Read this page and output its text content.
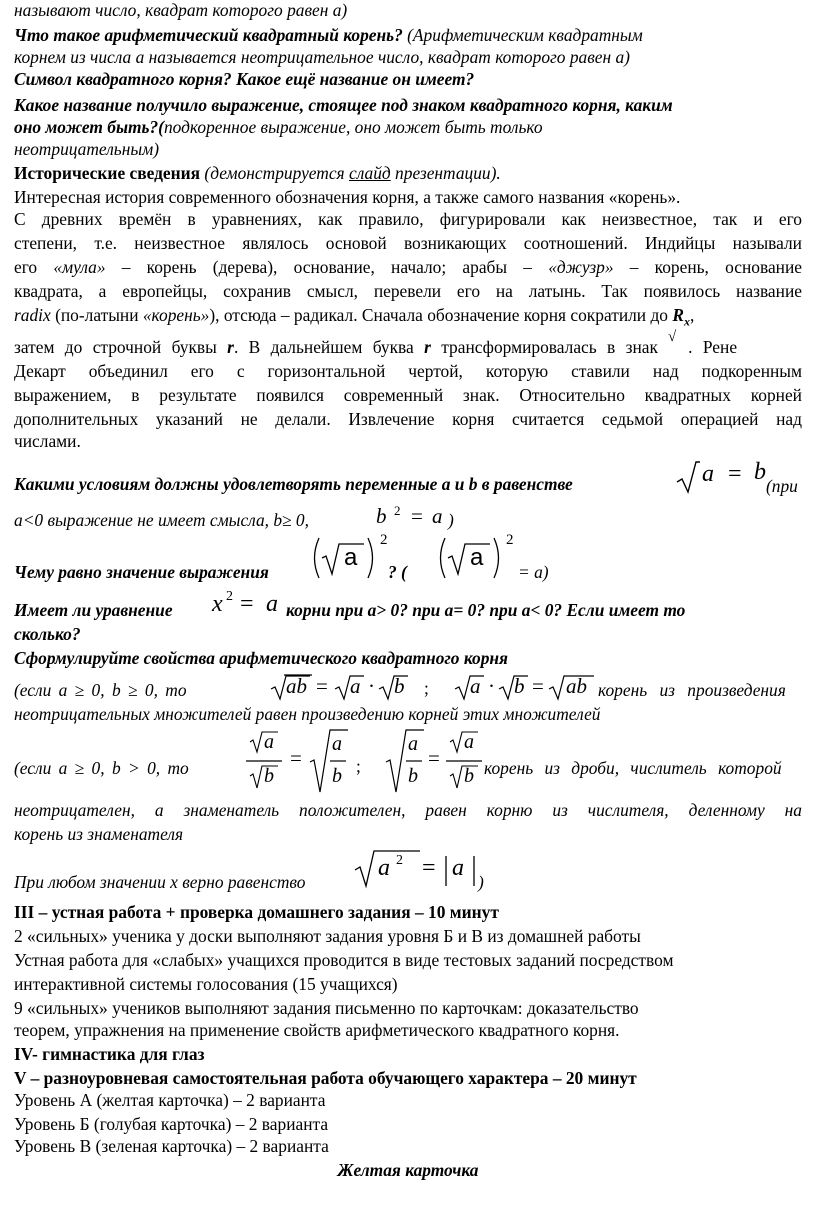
называют число, квадрат которого равен а)
Что такое арифметический квадратный корень? (Арифметическим квадратным
корнем из числа а называется неотрицательное число, квадрат которого равен а)
Символ квадратного корня? Какое ещё название он имеет?
Какое название получило выражение, стоящее под знаком квадратного корня, каким
оно может быть?(подкоренное выражение, оно может быть только
неотрицательным)
Исторические сведения (демонстрируется слайд презентации).
Интересная история современного обозначения корня, а также самого названия «корень».
С древних времён в уравнениях, как правило, фигурировали как неизвестное, так и его
степени, т.е. неизвестное являлось основой возникающих соотношений. Индийцы называли
его «мула» – корень (дерева), основание, начало; арабы – «джузр» – корень, основание
квадрата, а европейцы, сохранив смысл, перевели его на латынь. Так появилось название
radix (по-латыни «корень»), отсюда – радикал. Сначала обозначение корня сократили до $R_x$,
затем до строчной буквы r. В дальнейшем буква r трансформировалась в знак √ . Рене
Декарт объединил его с горизонтальной чертой, которую ставили над подкоренным
выражением, в результате появился современный знак. Относительно квадратных корней
дополнительных указаний не делали. Извлечение корня считается седьмой операцией над
числами.
Какими условиям должны удовлетворять переменные а и b в равенстве	a = b
(при
а<0 выражение не имеет смысла, b≥ 0,	b 2 = a )
Чему равно значение выражения
a
2
? (
a
2
= а)
Имеет ли уравнение x 2 = a корни при a> 0? при а= 0? при а< 0? Если имеет то
сколько?
Сформулируйте свойства арифметического квадратного корня
(если а ≥ 0, b ≥ 0, то	ab = a · b ; a · b = ab корень из произведения
неотрицательных множителей равен произведению корней этих множителей
(если а ≥ 0, b > 0, то
a
b
=
a
b ;
a
b
=
a
b корень из дроби, числитель которой
неотрицателен, а знаменатель положителен, равен корню из числителя, деленному на
корень из знаменателя
При любом значении х верно равенство
a 2 = a
)
III – устная работа + проверка домашнего задания – 10 минут
2 «сильных» ученика у доски выполняют задания уровня Б и В из домашней работы
Устная работа для «слабых» учащихся проводится в виде тестовых заданий посредством
интерактивной системы голосования (15 учащихся)
9 «сильных» учеников выполняют задания письменно по карточкам: доказательство
теорем, упражнения на применение свойств арифметического квадратного корня.
IV- гимнастика для глаз
V – разноуровневая самостоятельная работа обучающего характера – 20 минут
Уровень А (желтая карточка) – 2 варианта
Уровень Б (голубая карточка) – 2 варианта
Уровень В (зеленая карточка) – 2 варианта
Желтая карточка
